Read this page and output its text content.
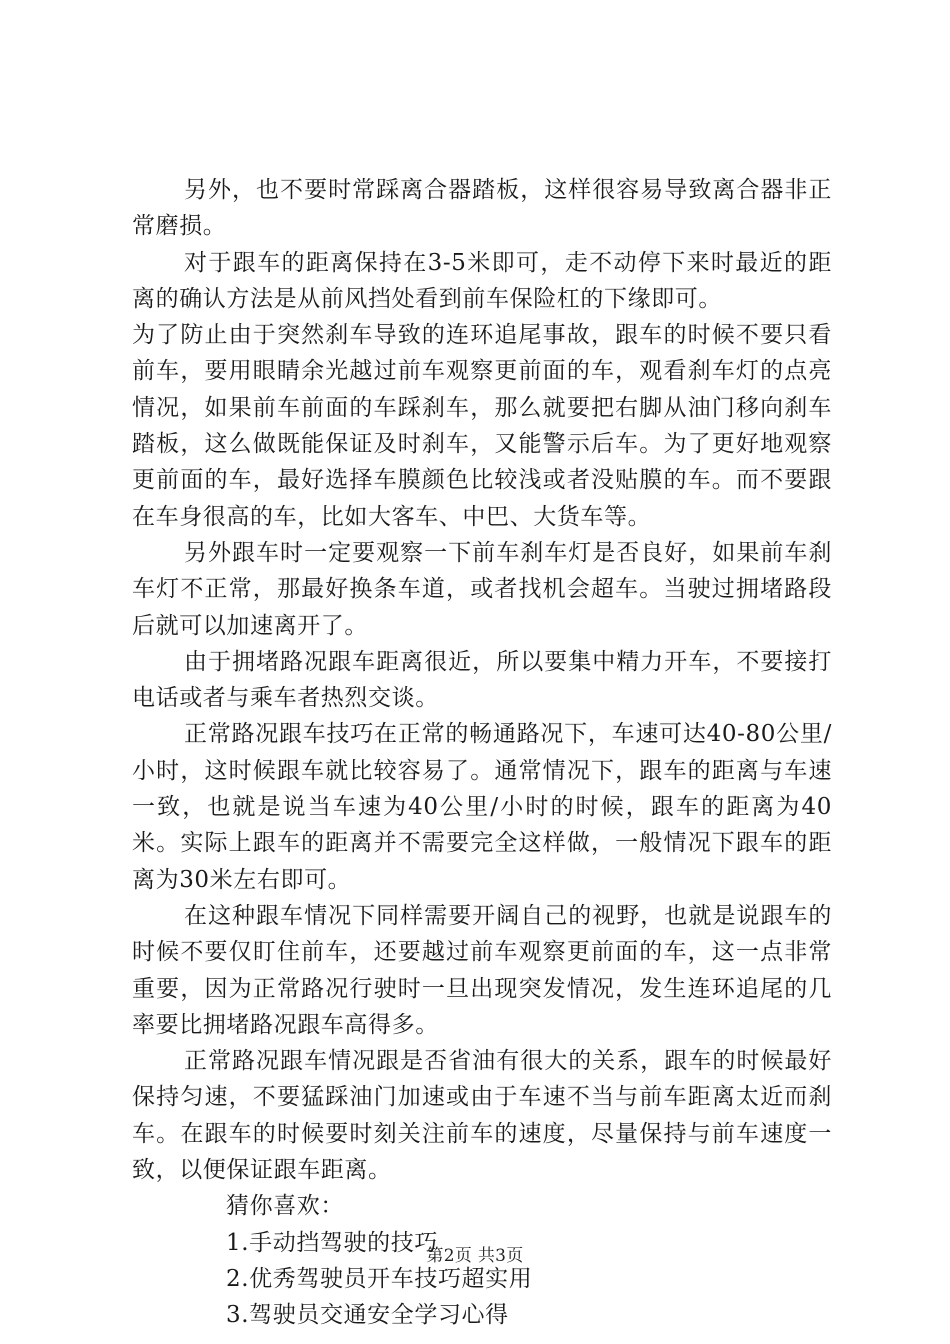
另外，也不要时常踩离合器踏板，这样很容易导致离合器非正常磨损。

对于跟车的距离保持在3-5米即可，走不动停下来时最近的距离的确认方法是从前风挡处看到前车保险杠的下缘即可。

为了防止由于突然刹车导致的连环追尾事故，跟车的时候不要只看前车，要用眼睛余光越过前车观察更前面的车，观看刹车灯的点亮情况，如果前车前面的车踩刹车，那么就要把右脚从油门移向刹车踏板，这么做既能保证及时刹车，又能警示后车。为了更好地观察更前面的车，最好选择车膜颜色比较浅或者没贴膜的车。而不要跟在车身很高的车，比如大客车、中巴、大货车等。

另外跟车时一定要观察一下前车刹车灯是否良好，如果前车刹车灯不正常，那最好换条车道，或者找机会超车。当驶过拥堵路段后就可以加速离开了。

由于拥堵路况跟车距离很近，所以要集中精力开车，不要接打电话或者与乘车者热烈交谈。

正常路况跟车技巧在正常的畅通路况下，车速可达40-80公里/小时，这时候跟车就比较容易了。通常情况下，跟车的距离与车速一致，也就是说当车速为40公里/小时的时候，跟车的距离为40米。实际上跟车的距离并不需要完全这样做，一般情况下跟车的距离为30米左右即可。

在这种跟车情况下同样需要开阔自己的视野，也就是说跟车的时候不要仅盯住前车，还要越过前车观察更前面的车，这一点非常重要，因为正常路况行驶时一旦出现突发情况，发生连环追尾的几率要比拥堵路况跟车高得多。

正常路况跟车情况跟是否省油有很大的关系，跟车的时候最好保持匀速，不要猛踩油门加速或由于车速不当与前车距离太近而刹车。在跟车的时候要时刻关注前车的速度，尽量保持与前车速度一致，以便保证跟车距离。

猜你喜欢：

1.手动挡驾驶的技巧

2.优秀驾驶员开车技巧超实用

3.驾驶员交通安全学习心得

第2页 共3页
